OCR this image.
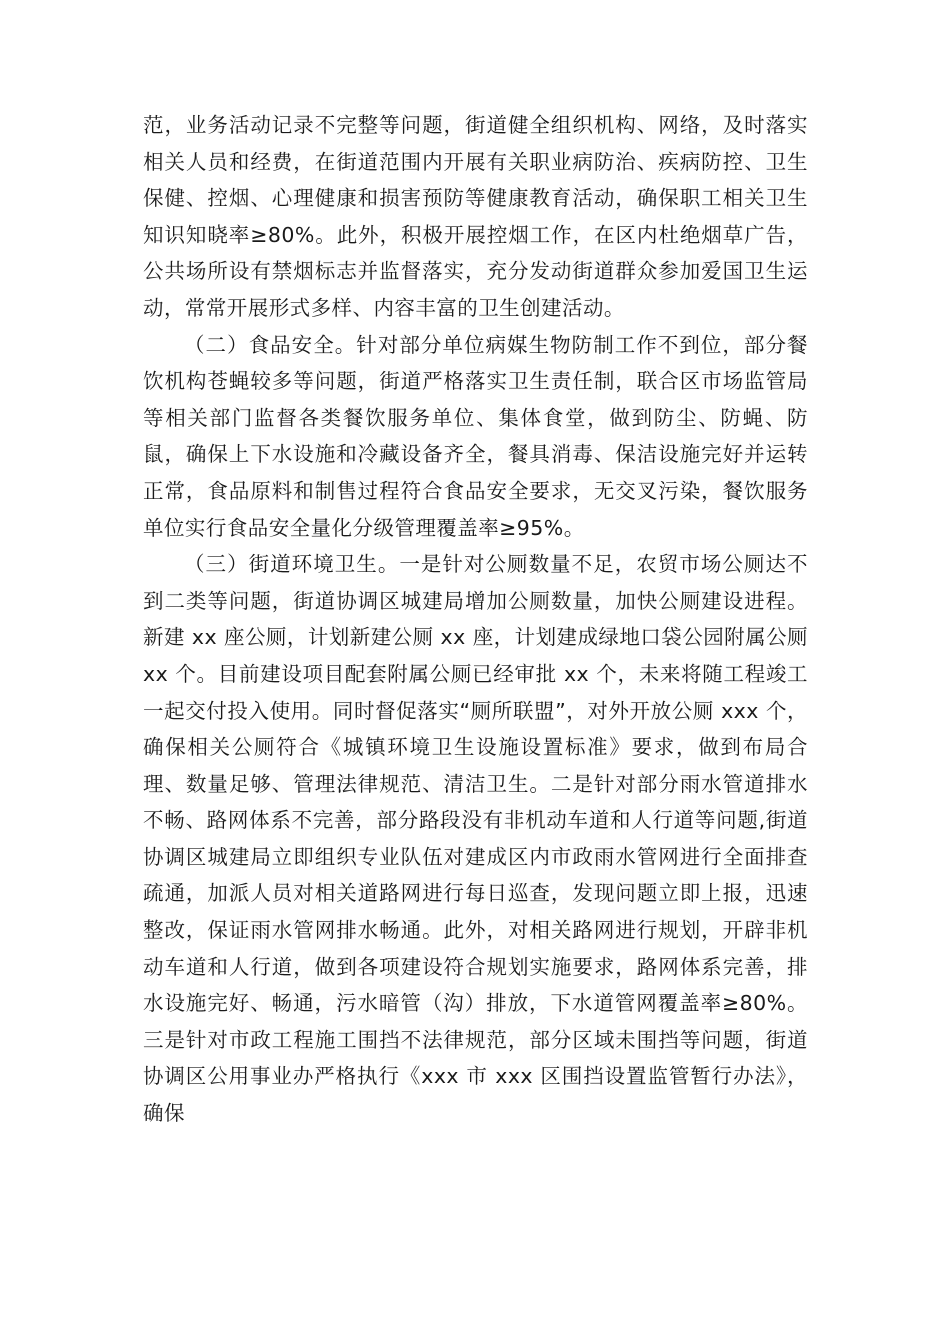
范，业务活动记录不完整等问题，街道健全组织机构、网络，及时落实相关人员和经费，在街道范围内开展有关职业病防治、疾病防控、卫生保健、控烟、心理健康和损害预防等健康教育活动，确保职工相关卫生知识知晓率≥80%。此外，积极开展控烟工作，在区内杜绝烟草广告，公共场所设有禁烟标志并监督落实，充分发动街道群众参加爱国卫生运动，常常开展形式多样、内容丰富的卫生创建活动。

（二）食品安全。针对部分单位病媒生物防制工作不到位，部分餐饮机构苍蝇较多等问题，街道严格落实卫生责任制，联合区市场监管局等相关部门监督各类餐饮服务单位、集体食堂，做到防尘、防蝇、防鼠，确保上下水设施和冷藏设备齐全，餐具消毒、保洁设施完好并运转正常，食品原料和制售过程符合食品安全要求，无交叉污染，餐饮服务单位实行食品安全量化分级管理覆盖率≥95%。

（三）街道环境卫生。一是针对公厕数量不足，农贸市场公厕达不到二类等问题，街道协调区城建局增加公厕数量，加快公厕建设进程。新建 xx 座公厕，计划新建公厕 xx 座，计划建成绿地口袋公园附属公厕 xx 个。目前建设项目配套附属公厕已经审批 xx 个，未来将随工程竣工一起交付投入使用。同时督促落实“厕所联盟”，对外开放公厕 xxx 个，确保相关公厕符合《城镇环境卫生设施设置标准》要求，做到布局合理、数量足够、管理法律规范、清洁卫生。二是针对部分雨水管道排水不畅、路网体系不完善，部分路段没有非机动车道和人行道等问题,街道协调区城建局立即组织专业队伍对建成区内市政雨水管网进行全面排查疏通，加派人员对相关道路网进行每日巡查，发现问题立即上报，迅速整改，保证雨水管网排水畅通。此外，对相关路网进行规划，开辟非机动车道和人行道，做到各项建设符合规划实施要求，路网体系完善，排水设施完好、畅通，污水暗管（沟）排放，下水道管网覆盖率≥80%。三是针对市政工程施工围挡不法律规范，部分区域未围挡等问题，街道协调区公用事业办严格执行《xxx 市 xxx 区围挡设置监管暂行办法》，确保
